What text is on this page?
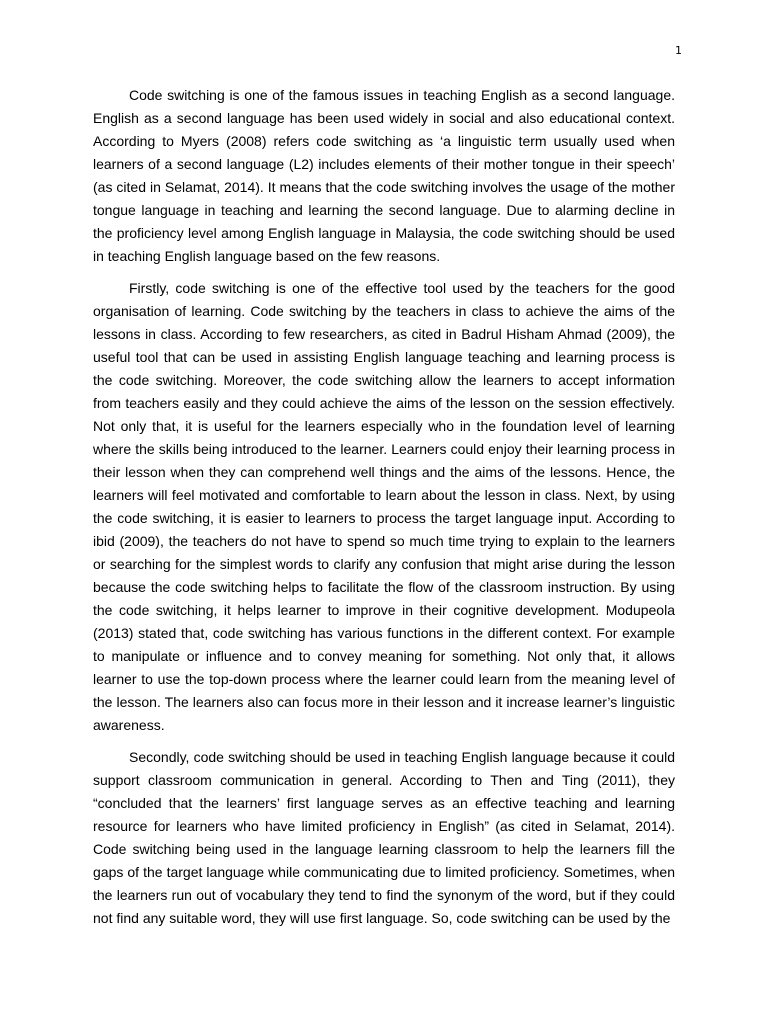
1

Code switching is one of the famous issues in teaching English as a second language. English as a second language has been used widely in social and also educational context. According to Myers (2008) refers code switching as ‘a linguistic term usually used when learners of a second language (L2) includes elements of their mother tongue in their speech’ (as cited in Selamat, 2014). It means that the code switching involves the usage of the mother tongue language in teaching and learning the second language. Due to alarming decline in the proficiency level among English language in Malaysia, the code switching should be used in teaching English language based on the few reasons.

Firstly, code switching is one of the effective tool used by the teachers for the good organisation of learning. Code switching by the teachers in class to achieve the aims of the lessons in class. According to few researchers, as cited in Badrul Hisham Ahmad (2009), the useful tool that can be used in assisting English language teaching and learning process is the code switching. Moreover, the code switching allow the learners to accept information from teachers easily and they could achieve the aims of the lesson on the session effectively. Not only that, it is useful for the learners especially who in the foundation level of learning where the skills being introduced to the learner. Learners could enjoy their learning process in their lesson when they can comprehend well things and the aims of the lessons. Hence, the learners will feel motivated and comfortable to learn about the lesson in class. Next, by using the code switching, it is easier to learners to process the target language input. According to ibid (2009), the teachers do not have to spend so much time trying to explain to the learners or searching for the simplest words to clarify any confusion that might arise during the lesson because the code switching helps to facilitate the flow of the classroom instruction. By using the code switching, it helps learner to improve in their cognitive development. Modupeola (2013) stated that, code switching has various functions in the different context. For example to manipulate or influence and to convey meaning for something. Not only that, it allows learner to use the top-down process where the learner could learn from the meaning level of the lesson. The learners also can focus more in their lesson and it increase learner’s linguistic awareness.

Secondly, code switching should be used in teaching English language because it could support classroom communication in general. According to Then and Ting (2011), they “concluded that the learners’ first language serves as an effective teaching and learning resource for learners who have limited proficiency in English” (as cited in Selamat, 2014). Code switching being used in the language learning classroom to help the learners fill the gaps of the target language while communicating due to limited proficiency. Sometimes, when the learners run out of vocabulary they tend to find the synonym of the word, but if they could not find any suitable word, they will use first language. So, code switching can be used by the
